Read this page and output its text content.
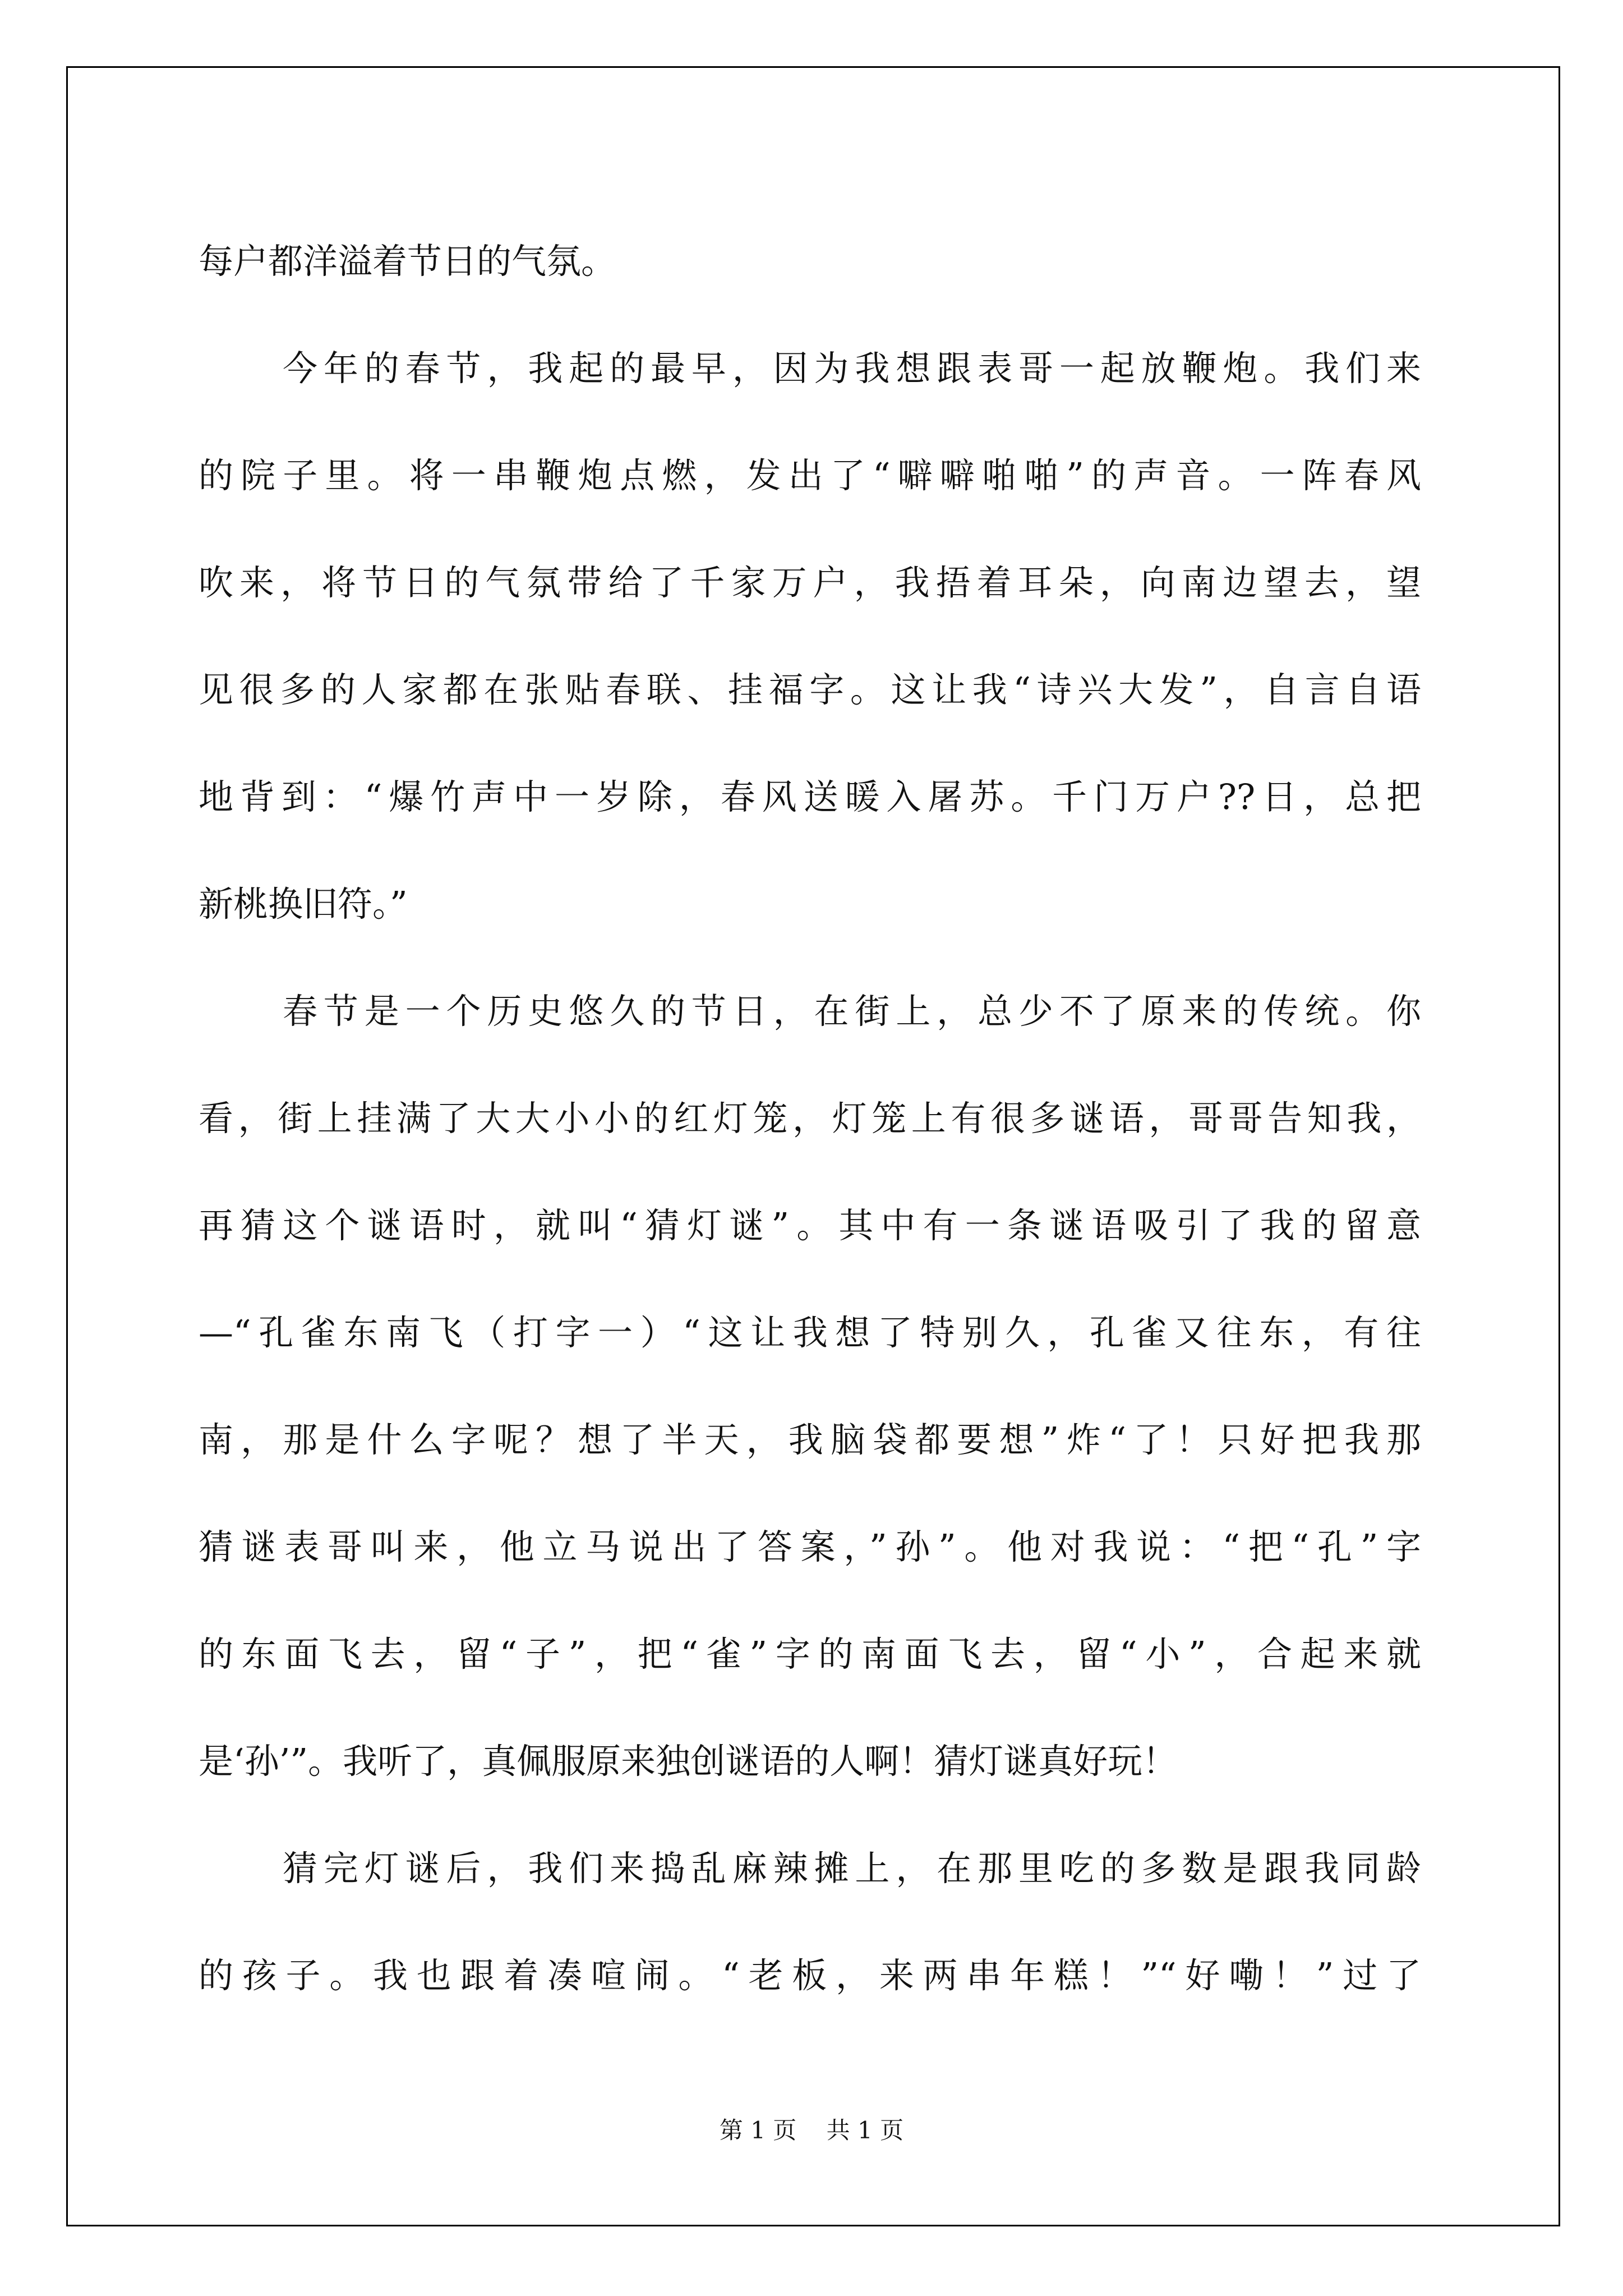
每户都洋溢着节日的气氛。
今年的春节，我起的最早，因为我想跟表哥一起放鞭炮。我们来
的院子里。将一串鞭炮点燃，发出了“噼噼啪啪”的声音。一阵春风
吹来，将节日的气氛带给了千家万户，我捂着耳朵，向南边望去，望
见很多的人家都在张贴春联、挂福字。这让我“诗兴大发”，自言自语
地背到：“爆竹声中一岁除，春风送暖入屠苏。千门万户??日，总把
新桃换旧符。”
春节是一个历史悠久的节日，在街上，总少不了原来的传统。你
看，街上挂满了大大小小的红灯笼，灯笼上有很多谜语，哥哥告知我，
再猜这个谜语时，就叫“猜灯谜”。其中有一条谜语吸引了我的留意
—“孔雀东南飞（打字一）“这让我想了特别久，孔雀又往东，有往
南，那是什么字呢？想了半天，我脑袋都要想”炸“了！只好把我那
猜谜表哥叫来，他立马说出了答案，”孙”。他对我说：“把“孔”字
的东面飞去，留“子”，把“雀”字的南面飞去，留“小”，合起来就
是‘孙’”。我听了，真佩服原来独创谜语的人啊！猜灯谜真好玩！
猜完灯谜后，我们来捣乱麻辣摊上，在那里吃的多数是跟我同龄
的孩子。我也跟着凑喧闹。“老板，来两串年糕！”“好嘞！”过了
第 1 页 共 1 页
